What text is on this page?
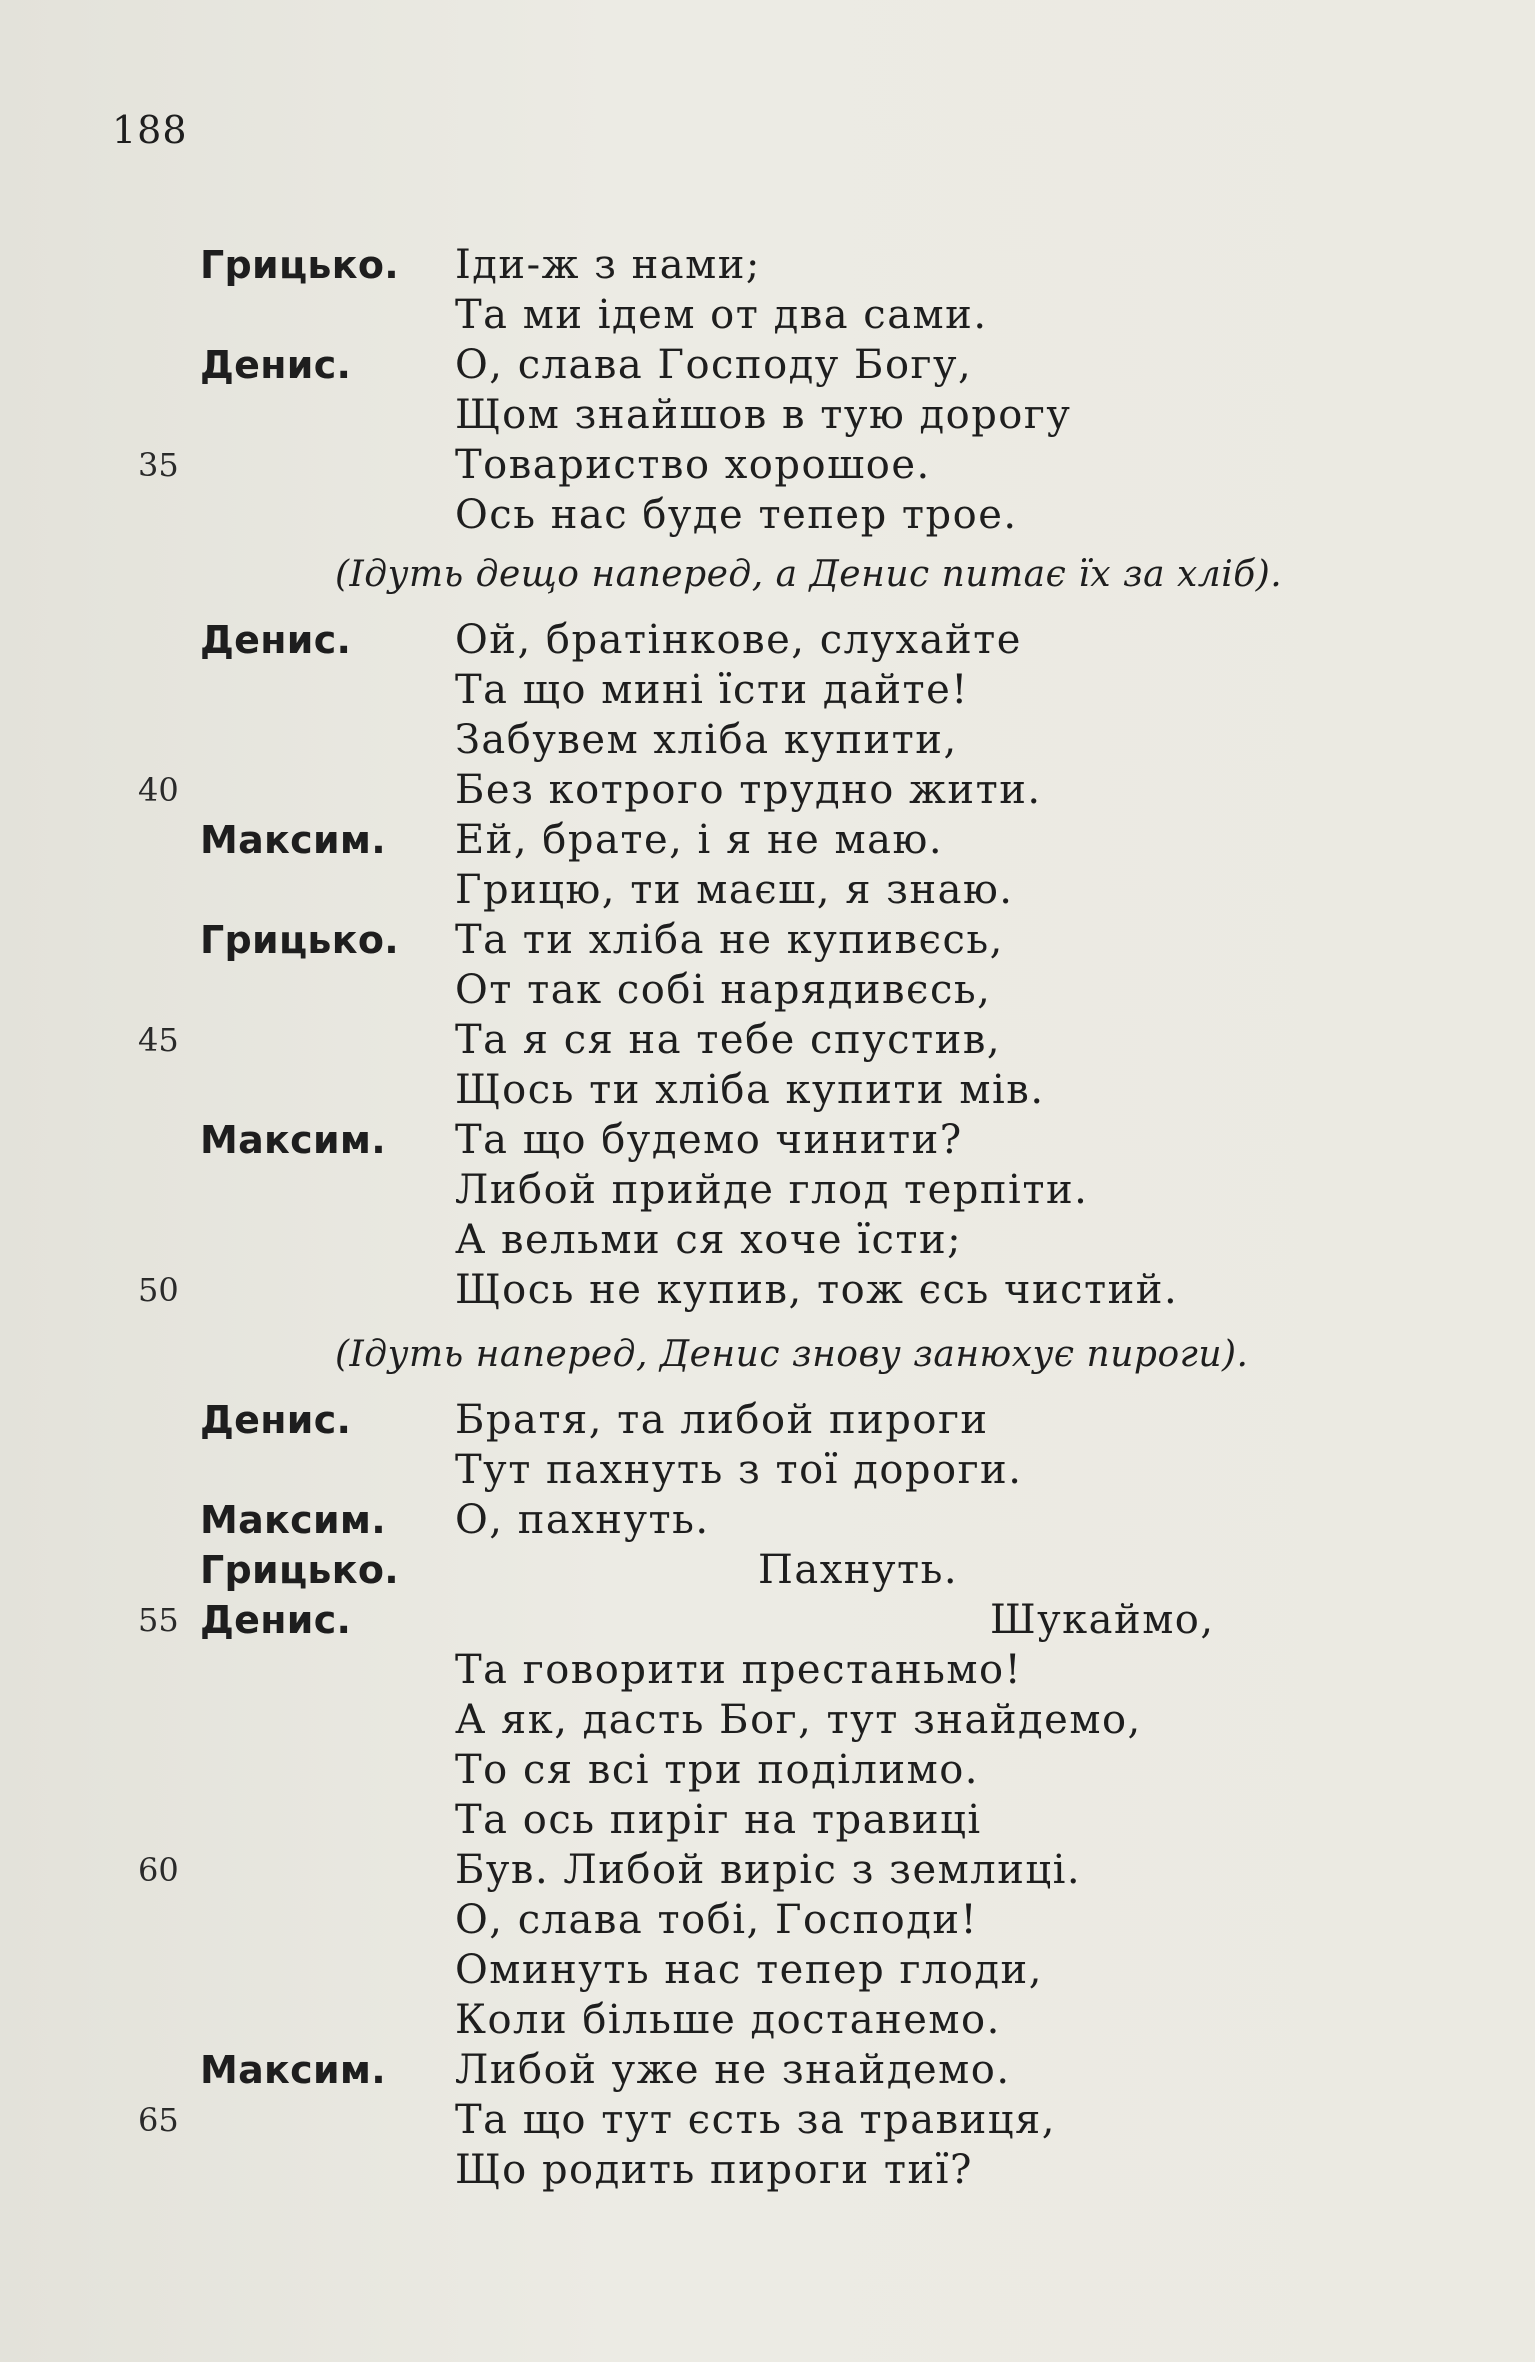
188
Грицько. Іди-ж з нами;
Та ми ідем от два сами.
Денис.	О, слава Господу Богу,
Щом знайшов в тую дорогу
35	Товариство хорошое.
Ось нас буде тепер трое.
(Ідуть дещо наперед, а Денис питає їх за хліб).
Денис.	Ой, братінкове, слухайте
Та що мині їсти дайте!
Забувем хліба купити,
40	Без котрого трудно жити.
Максим. Ей, брате, і я не маю.
Грицю, ти маєш, я знаю.
Грицько. Та ти хліба не купивєсь,
От так собі нарядивєсь,
45	Та я ся на тебе спустив,
Щось ти хліба купити мів.
Максим. Та що будемо чинити?
Либой прийде глод терпіти.
А вельми ся хоче їсти;
50	Щось не купив, тож єсь чистий.
(Ідуть наперед, Денис знову занюхує пироги).
Денис.	Братя, та либой пироги
Тут пахнуть з тої дороги.
Максим. О, пахнуть.
Грицько.	Пахнуть.
55 Денис.	Шукаймо,
Та говорити престаньмо!
А як, дасть Бог, тут знайдемо,
То ся всі три поділимо.
Та ось пиріг на травиці
60	Був. Либой виріс з землиці.
О, слава тобі, Господи!
Оминуть нас тепер глоди,
Коли більше достанемо.
Максим. Либой уже не знайдемо.
65	Та що тут єсть за травиця,
Що родить пироги тиї?
